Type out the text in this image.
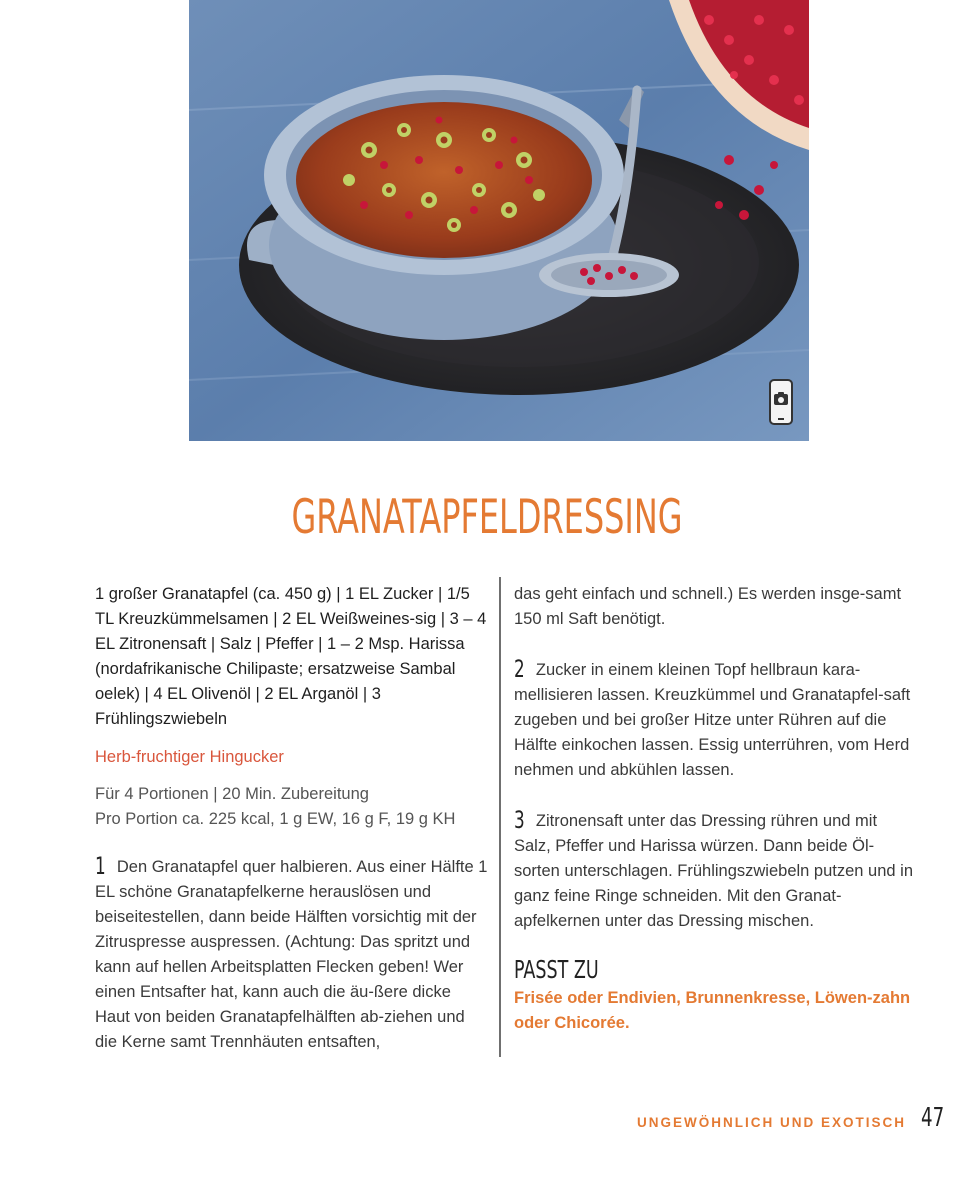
GRANATAPFELDRESSING

1 großer Granatapfel (ca. 450 g) | 1 EL Zucker | 1/5 TL Kreuzkümmelsamen | 2 EL Weißweines-sig | 3 – 4 EL Zitronensaft | Salz | Pfeffer | 1 – 2 Msp. Harissa (nordafrikanische Chilipaste; ersatzweise Sambal oelek) | 4 EL Olivenöl | 2 EL Arganöl | 3 Frühlingszwiebeln

Herb-fruchtiger Hingucker

Für 4 Portionen | 20 Min. Zubereitung
Pro Portion ca. 225 kcal, 1 g EW, 16 g F, 19 g KH

1 Den Granatapfel quer halbieren. Aus einer Hälfte 1 EL schöne Granatapfelkerne herauslösen und beiseitestellen, dann beide Hälften vorsichtig mit der Zitruspresse auspressen. (Achtung: Das spritzt und kann auf hellen Arbeitsplatten Flecken geben! Wer einen Entsafter hat, kann auch die äu-ßere dicke Haut von beiden Granatapfelhälften ab-ziehen und die Kerne samt Trennhäuten entsaften,

das geht einfach und schnell.) Es werden insge-samt 150 ml Saft benötigt.

2 Zucker in einem kleinen Topf hellbraun kara-mellisieren lassen. Kreuzkümmel und Granatapfel-saft zugeben und bei großer Hitze unter Rühren auf die Hälfte einkochen lassen. Essig unterrühren, vom Herd nehmen und abkühlen lassen.

3 Zitronensaft unter das Dressing rühren und mit Salz, Pfeffer und Harissa würzen. Dann beide Öl-sorten unterschlagen. Frühlingszwiebeln putzen und in ganz feine Ringe schneiden. Mit den Granat-apfelkernen unter das Dressing mischen.

PASST ZU

Frisée oder Endivien, Brunnenkresse, Löwen-zahn oder Chicorée.

UNGEWÖHNLICH UND EXOTISCH 47
